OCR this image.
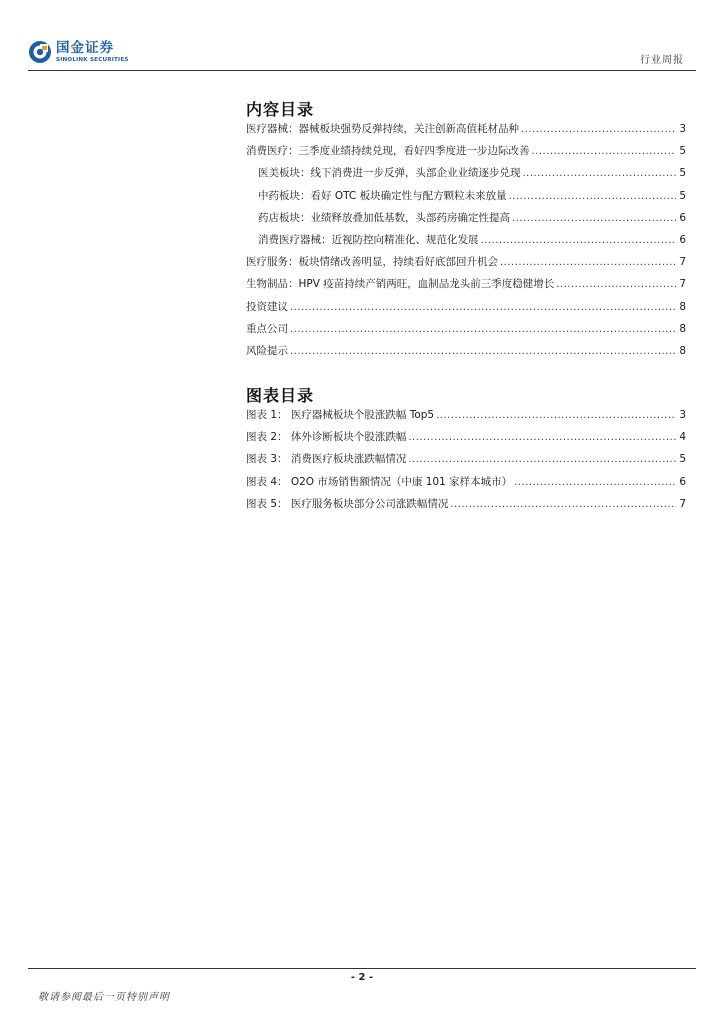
国金证券
SINOLINK SECURITIES	行业周报
内容目录
医疗器械：器械板块强势反弹持续，关注创新高值耗材品种 .....	3
消费医疗：三季度业绩持续兑现，看好四季度进一步边际改善 .....	5
医美板块：线下消费进一步反弹，头部企业业绩逐步兑现 .....	5
中药板块：看好 OTC 板块确定性与配方颗粒未来放量 .....	5
药店板块：业绩释放叠加低基数，头部药房确定性提高 .....	6
消费医疗器械：近视防控向精准化、规范化发展 .....	6
医疗服务：板块情绪改善明显，持续看好底部回升机会 .....	7
生物制品：HPV 疫苗持续产销两旺，血制品龙头前三季度稳健增长 .....	7
投资建议 .....	8
重点公司 .....	8
风险提示 .....	8
图表目录
图表 1： 医疗器械板块个股涨跌幅 Top5 .....	3
图表 2： 体外诊断板块个股涨跌幅 .....	4
图表 3： 消费医疗板块涨跌幅情况 .....	5
图表 4： O2O 市场销售额情况（中康 101 家样本城市） .....	6
图表 5： 医疗服务板块部分公司涨跌幅情况 .....	7
- 2 -
敬请参阅最后一页特别声明
